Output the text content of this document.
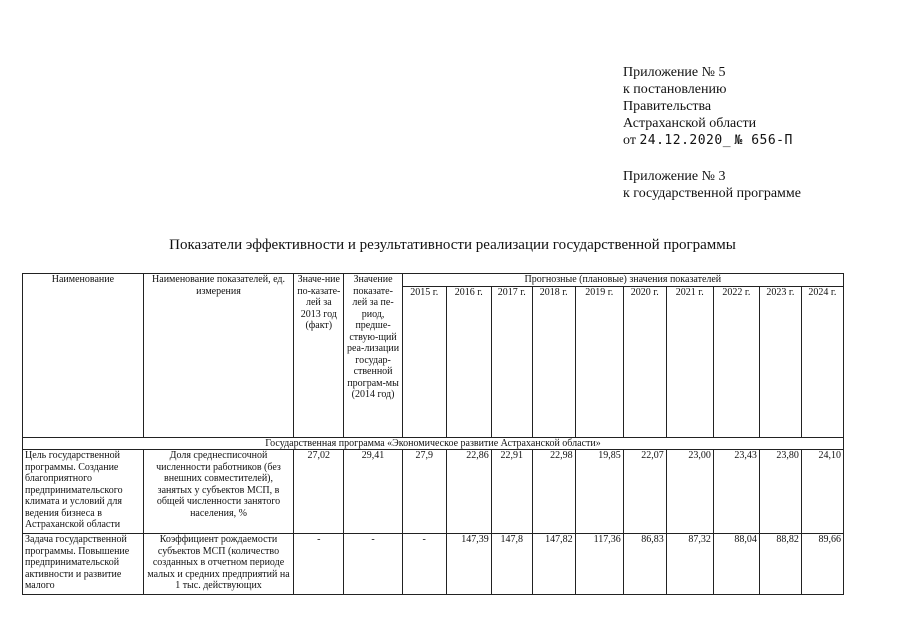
Приложение № 5
к постановлению
Правительства
Астраханской области
от 24.12.2020_ № 656-П
Приложение № 3
к государственной программе
Показатели эффективности и результативности реализации государственной программы
Наименование	Наименование показателей, ед. измерения	Значе-ние по-казате-лей за 2013 год (факт)	Значение показате-лей за пе-риод, предше-ствую-щий реа-лизации государ-ственной програм-мы (2014 год)	Прогнозные (плановые) значения показателей									
				2015 г.	2016 г.	2017 г.	2018 г.	2019 г.	2020 г.	2021 г.	2022 г.	2023 г.	2024 г.
Государственная программа «Экономическое развитие Астраханской области»													
Цель государственной программы. Создание благоприятного предпринимательского климата и условий для ведения бизнеса в Астраханской области	Доля среднесписочной численности работников (без внешних совместителей), занятых у субъектов МСП, в общей численности занятого населения, %	27,02	29,41	27,9	22,86	22,91	22,98	19,85	22,07	23,00	23,43	23,80	24,10
Задача государственной программы. Повышение предпринимательской активности и развитие малого	Коэффициент рождаемости субъектов МСП (количество созданных в отчетном периоде малых и средних предприятий на 1 тыс. действующих	-	-	-	147,39	147,8	147,82	117,36	86,83	87,32	88,04	88,82	89,66
